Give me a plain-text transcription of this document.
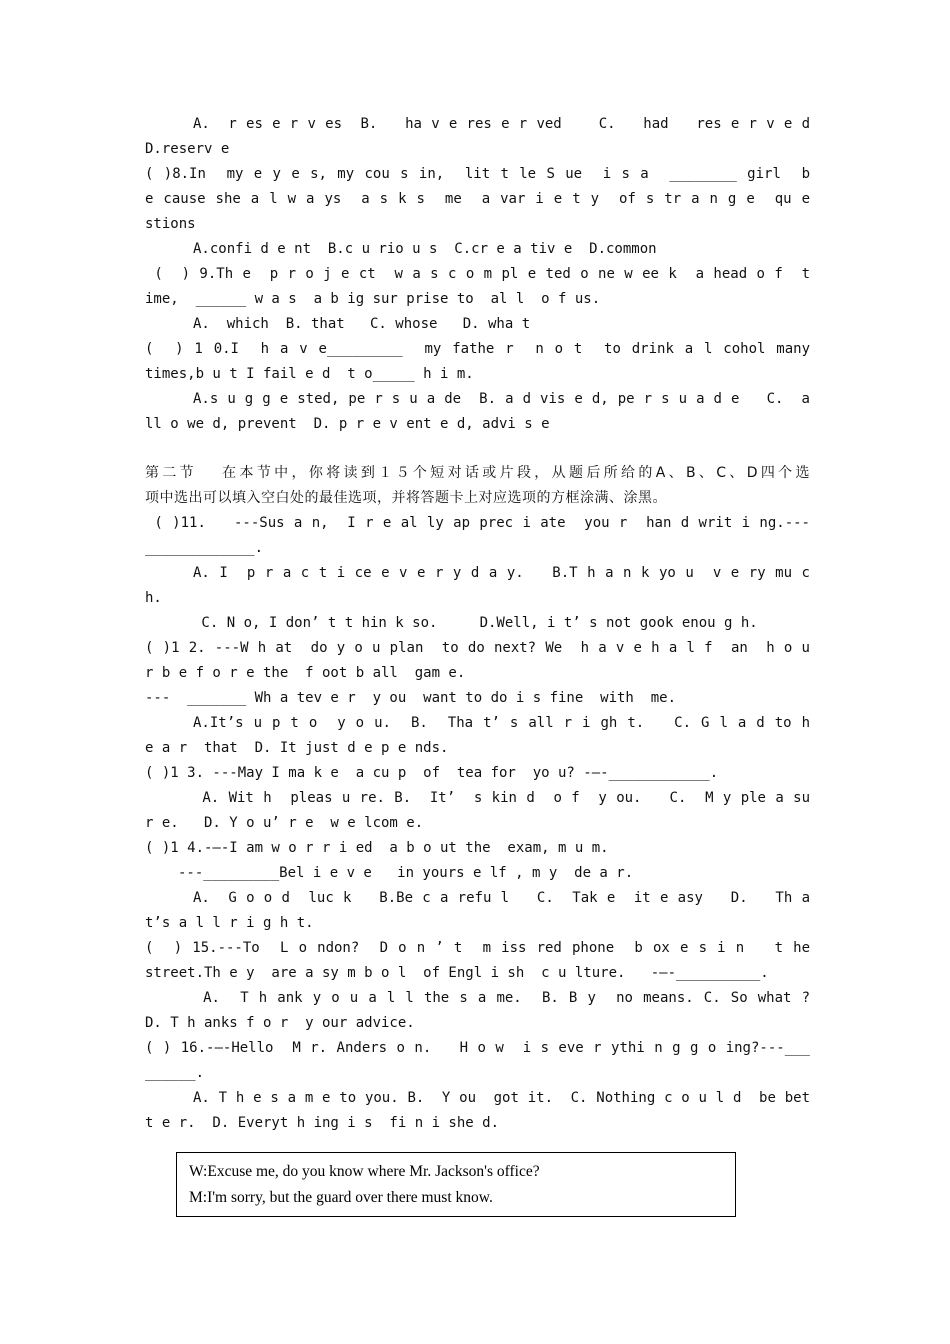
A.  r es e r v es  B.   ha v e res e r ved    C.   had   res e r v e d
D.reserv e
( )8.In  my e y e s, my cou s in,  lit t le S ue  i s a  ________ girl  b
e cause she a l w a ys  a s k s  me  a var i e t y  of s tr a n g e  qu e
stions
A.confi d e nt  B.c u rio u s  C.cr e a tiv e  D.common
(  ) 9.Th e  p r o j e ct  w a s c o m pl e ted o ne w ee k  a head o f  t
ime,  ______ w a s  a b ig sur prise to  al l  o f us.
A.  which  B. that   C. whose   D. wha t
(  ) 1 0.I  h a v e_________  my fathe r  n o t  to drink a l cohol many
times,b u t I fail e d  t o_____ h i m.
A.s u g g e sted, pe r s u a de  B. a d vis e d, pe r s u a d e   C.  a
ll o we d, prevent  D. p r e v ent e d, advi s e
第二节　 在本节中，你将读到１５个短对话或片段，从题后所给的A、B、C、D四个选
项中选出可以填入空白处的最佳选项，并将答题卡上对应选项的方框涂满、涂黑。
( )11.   ---Sus a n,  I r e al ly ap prec i ate  you r  han d writ i ng.---
_____________.
A. I  p r a c t i ce e v e r y d a y.   B.T h a n k yo u  v e ry mu c
h.
C. N o, I don’ t t hin k so.     D.Well, i t’ s not gook enou g h.
( )1 2. ---W h at  do y o u plan  to do next? We  h a v e h a l f  an  h o u
r b e f o r e the  f oot b all  gam e.
---  _______ Wh a tev e r  y ou  want to do i s fine  with  me.
A.It’s u p t o  y o u.  B.  Tha t’ s all r i gh t.   C. G l a d to h
e a r  that  D. It just d e p e nds.
( )1 3. ---May I ma k e  a cu p  of  tea for  yo u? -—-____________.
A. Wit h  pleas u re. B.  It’  s kin d  o f  y ou.   C.  M y ple a su
r e.   D. Y o u’ r e  w e lcom e.
( )1 4.-—-I am w o r r i ed  a b o ut the  exam, m u m.
---_________Bel i e v e   in yours e lf , m y  de a r.
A.  G o o d  luc k   B.Be c a refu l   C.  Tak e  it e asy   D.   Th a
t’s a l l r i g h t.
(  ) 15.---To  L o ndon?  D o n ’ t  m iss red phone  b ox e s i n   t he
street.Th e y  are a sy m b o l  of Engl i sh  c u lture.   -—-__________.
A.  T h ank y o u a l l the s a me.  B. B y  no means. C. So what ?
D. T h anks f o r  y our advice.
( ) 16.-—-Hello  M r. Anders o n.   H o w  i s eve r ythi n g g o ing?---___
______.
A. T h e s a m e to you. B.  Y ou  got it.  C. Nothing c o u l d  be bet
t e r.  D. Everyt h ing i s  fi n i she d.
W:Excuse me, do you know where Mr. Jackson's office?
M:I'm sorry, but the guard over there must know.
